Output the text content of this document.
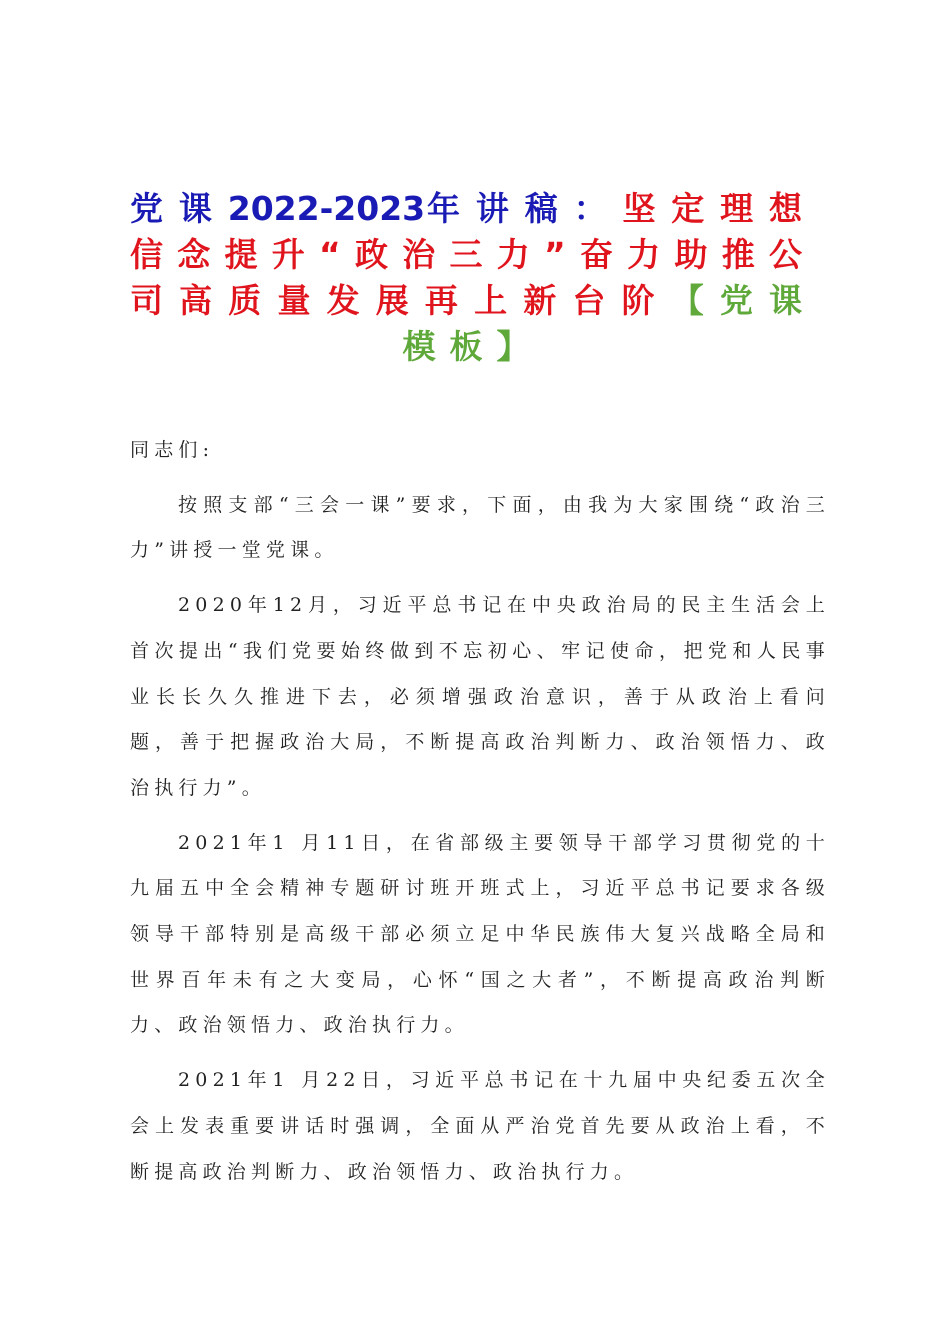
党课2022-2023年讲稿：坚定理想信念提升“政治三力”奋力助推公司高质量发展再上新台阶【党课模板】

同志们:

按照支部“三会一课”要求，下面，由我为大家围绕“政治三力”讲授一堂党课。

2020年12月，习近平总书记在中央政治局的民主生活会上首次提出“我们党要始终做到不忘初心、牢记使命，把党和人民事业长长久久推进下去，必须增强政治意识，善于从政治上看问题，善于把握政治大局，不断提高政治判断力、政治领悟力、政治执行力”。

2021年1 月11日，在省部级主要领导干部学习贯彻党的十九届五中全会精神专题研讨班开班式上，习近平总书记要求各级领导干部特别是高级干部必须立足中华民族伟大复兴战略全局和世界百年未有之大变局，心怀“国之大者”，不断提高政治判断力、政治领悟力、政治执行力。

2021年1 月22日，习近平总书记在十九届中央纪委五次全会上发表重要讲话时强调，全面从严治党首先要从政治上看，不断提高政治判断力、政治领悟力、政治执行力。
